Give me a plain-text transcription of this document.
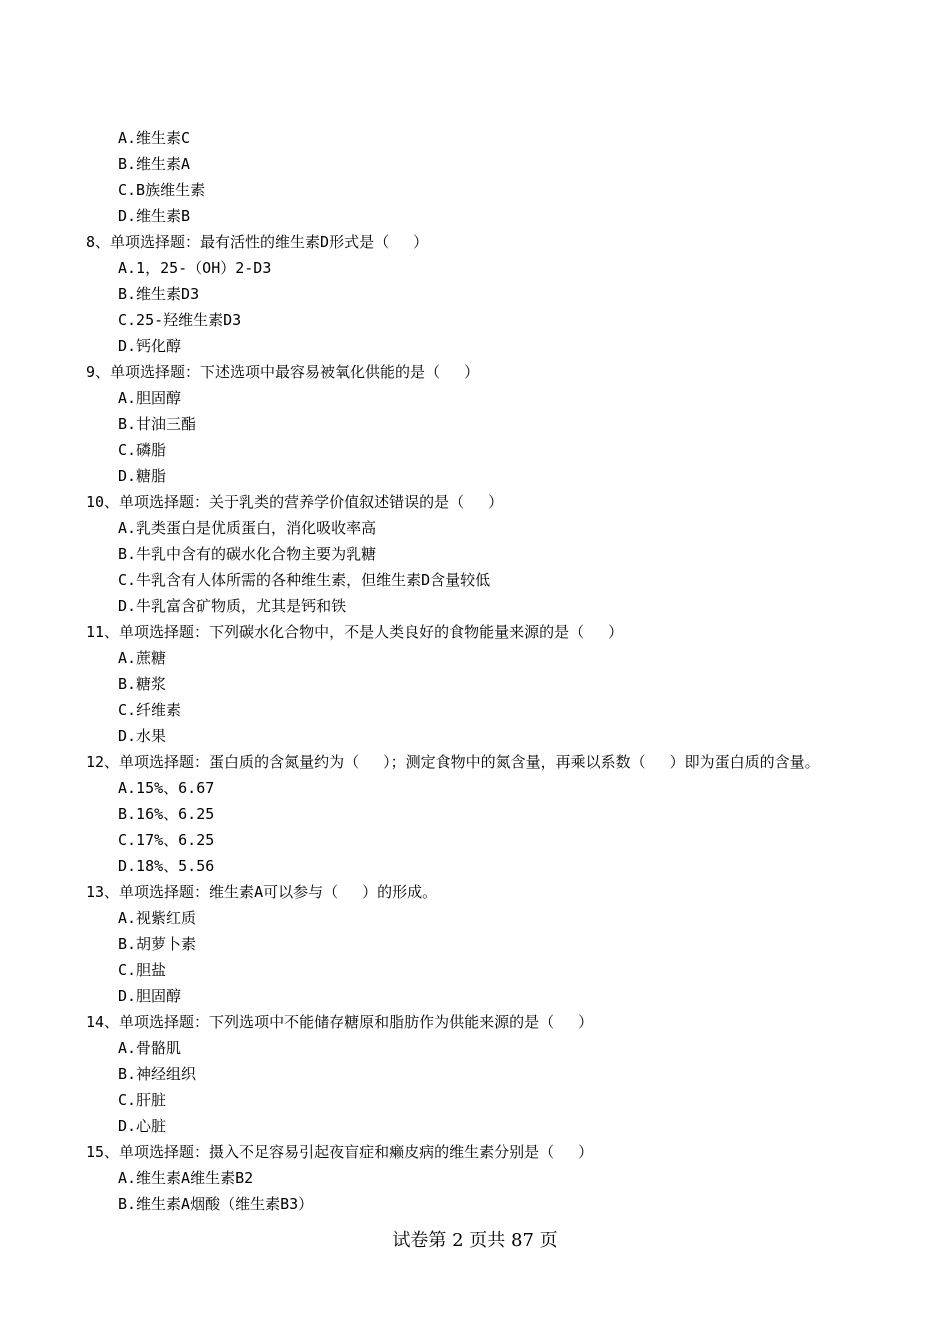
A.维生素C
B.维生素A
C.B族维生素
D.维生素B
8、单项选择题：最有活性的维生素D形式是（　 ）
A.1，25-（OH）2-D3
B.维生素D3
C.25-羟维生素D3
D.钙化醇
9、单项选择题：下述选项中最容易被氧化供能的是（　 ）
A.胆固醇
B.甘油三酯
C.磷脂
D.糖脂
10、单项选择题：关于乳类的营养学价值叙述错误的是（　 ）
A.乳类蛋白是优质蛋白，消化吸收率高
B.牛乳中含有的碳水化合物主要为乳糖
C.牛乳含有人体所需的各种维生素，但维生素D含量较低
D.牛乳富含矿物质，尤其是钙和铁
11、单项选择题：下列碳水化合物中，不是人类良好的食物能量来源的是（　 ）
A.蔗糖
B.糖浆
C.纤维素
D.水果
12、单项选择题：蛋白质的含氮量约为（　 ）；测定食物中的氮含量，再乘以系数（　 ）即为蛋白质的含量。
A.15%、6.67
B.16%、6.25
C.17%、6.25
D.18%、5.56
13、单项选择题：维生素A可以参与（　 ）的形成。
A.视紫红质
B.胡萝卜素
C.胆盐
D.胆固醇
14、单项选择题：下列选项中不能储存糖原和脂肪作为供能来源的是（　 ）
A.骨骼肌
B.神经组织
C.肝脏
D.心脏
15、单项选择题：摄入不足容易引起夜盲症和癞皮病的维生素分别是（　 ）
A.维生素A维生素B2
B.维生素A烟酸（维生素B3）
试卷第 2 页共 87 页
